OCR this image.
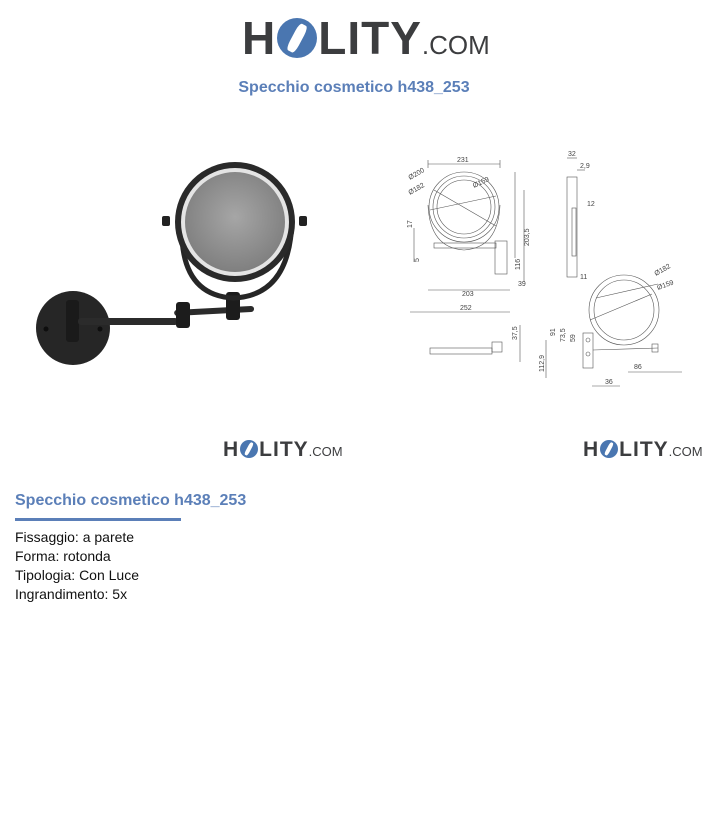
H LITY .COM
Specchio cosmetico h438_253
231
Ø200
Ø182	Ø159
17
5
203,5
116
39
203
252
32
2,9
12
11
37,5
Ø182
Ø159
112,9
91 73,5 59
86
36
H LITY .COM	H LITY .COM
Specchio cosmetico h438_253
Fissaggio: a parete
Forma: rotonda
Tipologia: Con Luce
Ingrandimento: 5x
